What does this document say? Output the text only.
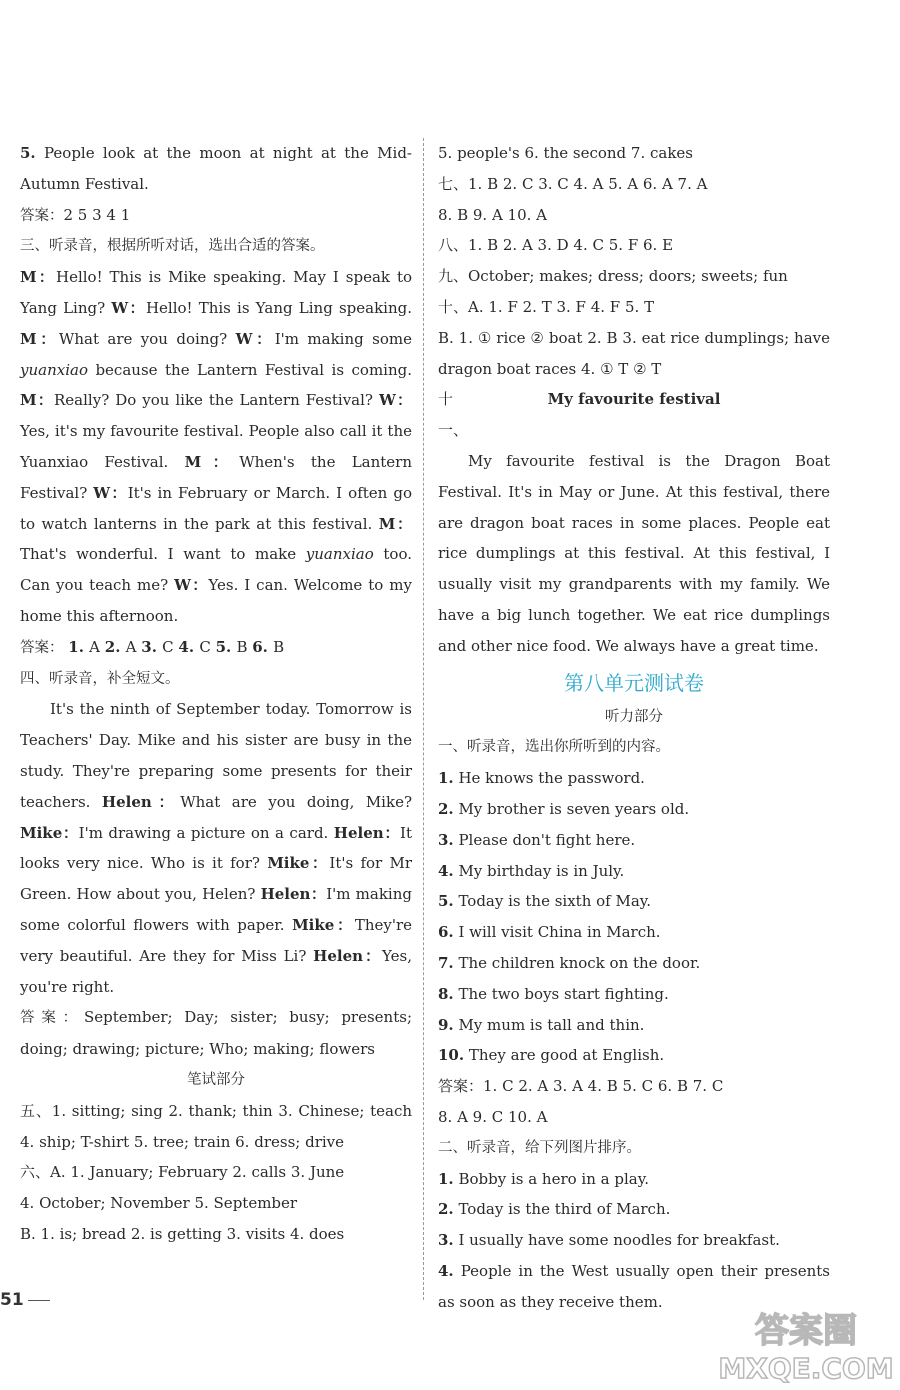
5. People look at the moon at night at the Mid-Autumn Festival.

答案：2 5 3 4 1

三、听录音，根据所听对话，选出合适的答案。

M：Hello! This is Mike speaking. May I speak to Yang Ling? W：Hello! This is Yang Ling speaking. M：What are you doing? W：I'm making some yuanxiao because the Lantern Festival is coming. M：Really? Do you like the Lantern Festival? W：Yes, it's my favourite festival. People also call it the Yuanxiao Festival. M：When's the Lantern Festival? W：It's in February or March. I often go to watch lanterns in the park at this festival. M：That's wonderful. I want to make yuanxiao too. Can you teach me? W：Yes. I can. Welcome to my home this afternoon.

答案： 1. A 2. A 3. C 4. C 5. B 6. B

四、听录音，补全短文。

It's the ninth of September today. Tomorrow is Teachers' Day. Mike and his sister are busy in the study. They're preparing some presents for their teachers. Helen：What are you doing, Mike? Mike：I'm drawing a picture on a card. Helen：It looks very nice. Who is it for? Mike：It's for Mr Green. How about you, Helen? Helen：I'm making some colorful flowers with paper. Mike：They're very beautiful. Are they for Miss Li? Helen：Yes, you're right.

答案：September; Day; sister; busy; presents; doing; drawing; picture; Who; making; flowers

笔试部分

五、1. sitting; sing 2. thank; thin 3. Chinese; teach 4. ship; T-shirt 5. tree; train 6. dress; drive

六、A. 1. January; February 2. calls 3. June

4. October; November 5. September

B. 1. is; bread 2. is getting 3. visits 4. does

5. people's 6. the second 7. cakes

七、1. B 2. C 3. C 4. A 5. A 6. A 7. A

8. B 9. A 10. A

八、1. B 2. A 3. D 4. C 5. F 6. E

九、October; makes; dress; doors; sweets; fun

十、A. 1. F 2. T 3. F 4. F 5. T

B. 1. ① rice ② boat 2. B 3. eat rice dumplings; have dragon boat races 4. ① T ② T

十一、
My favourite festival

My favourite festival is the Dragon Boat Festival. It's in May or June. At this festival, there are dragon boat races in some places. People eat rice dumplings at this festival. At this festival, I usually visit my grandparents with my family. We have a big lunch together. We eat rice dumplings and other nice food. We always have a great time.

第八单元测试卷

听力部分

一、听录音，选出你所听到的内容。

1. He knows the password.

2. My brother is seven years old.

3. Please don't fight here.

4. My birthday is in July.

5. Today is the sixth of May.

6. I will visit China in March.

7. The children knock on the door.

8. The two boys start fighting.

9. My mum is tall and thin.

10. They are good at English.

答案：1. C 2. A 3. A 4. B 5. C 6. B 7. C

8. A 9. C 10. A

二、听录音，给下列图片排序。

1. Bobby is a hero in a play.

2. Today is the third of March.

3. I usually have some noodles for breakfast.

4. People in the West usually open their presents as soon as they receive them.

51
答案圈
MXQE.COM
